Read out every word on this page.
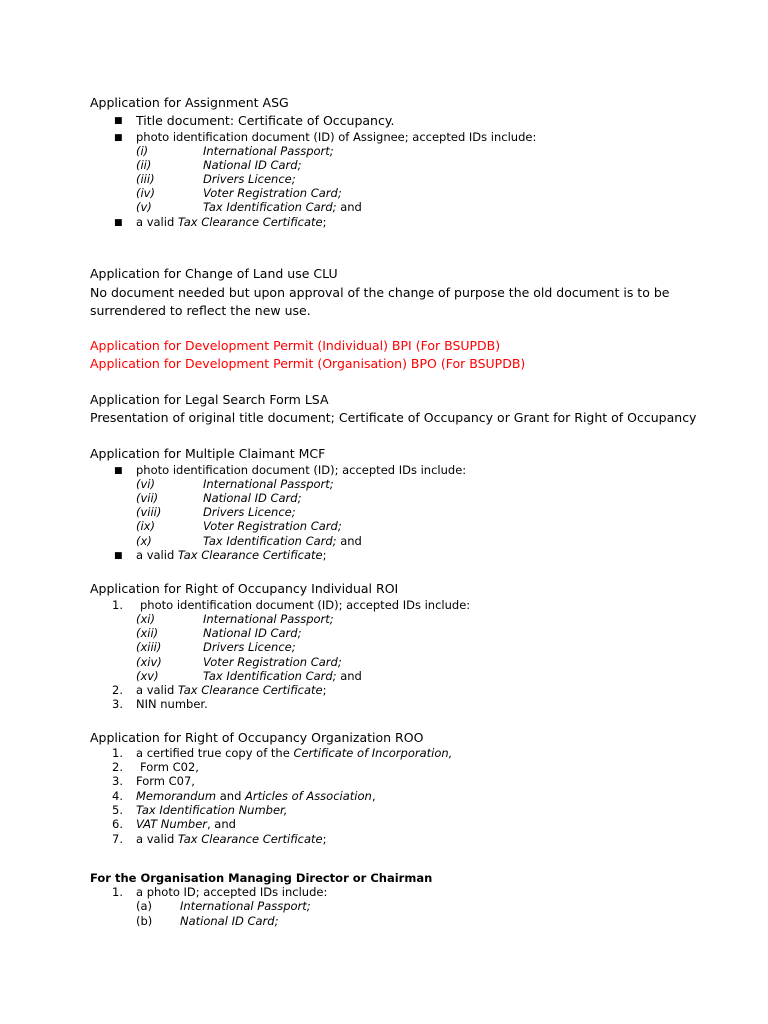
Application for Assignment ASG
■ Title document: Certificate of Occupancy.
■ photo identification document (ID) of Assignee; accepted IDs include:
(i)	International Passport;
(ii)	National ID Card;
(iii)	Drivers Licence;
(iv)	Voter Registration Card;
(v)	Tax Identification Card; and
■ a valid Tax Clearance Certificate;
Application for Change of Land use CLU
No document needed but upon approval of the change of purpose the old document is to be surrendered to reflect the new use.
Application for Development Permit (Individual) BPI (For BSUPDB)
Application for Development Permit (Organisation) BPO (For BSUPDB)
Application for Legal Search Form LSA
Presentation of original title document; Certificate of Occupancy or Grant for Right of Occupancy
Application for Multiple Claimant MCF
■ photo identification document (ID); accepted IDs include:
(vi)	International Passport;
(vii)	National ID Card;
(viii)	Drivers Licence;
(ix)	Voter Registration Card;
(x)	Tax Identification Card; and
■ a valid Tax Clearance Certificate;
Application for Right of Occupancy Individual ROI
1. photo identification document (ID); accepted IDs include:
(xi)	International Passport;
(xii)	National ID Card;
(xiii)	Drivers Licence;
(xiv)	Voter Registration Card;
(xv)	Tax Identification Card; and
2. a valid Tax Clearance Certificate;
3. NIN number.
Application for Right of Occupancy Organization ROO
1. a certified true copy of the Certificate of Incorporation,
2. Form C02,
3. Form C07,
4. Memorandum and Articles of Association,
5. Tax Identification Number,
6. VAT Number, and
7. a valid Tax Clearance Certificate;
For the Organisation Managing Director or Chairman
1. a photo ID; accepted IDs include:
(a) International Passport;
(b) National ID Card;
